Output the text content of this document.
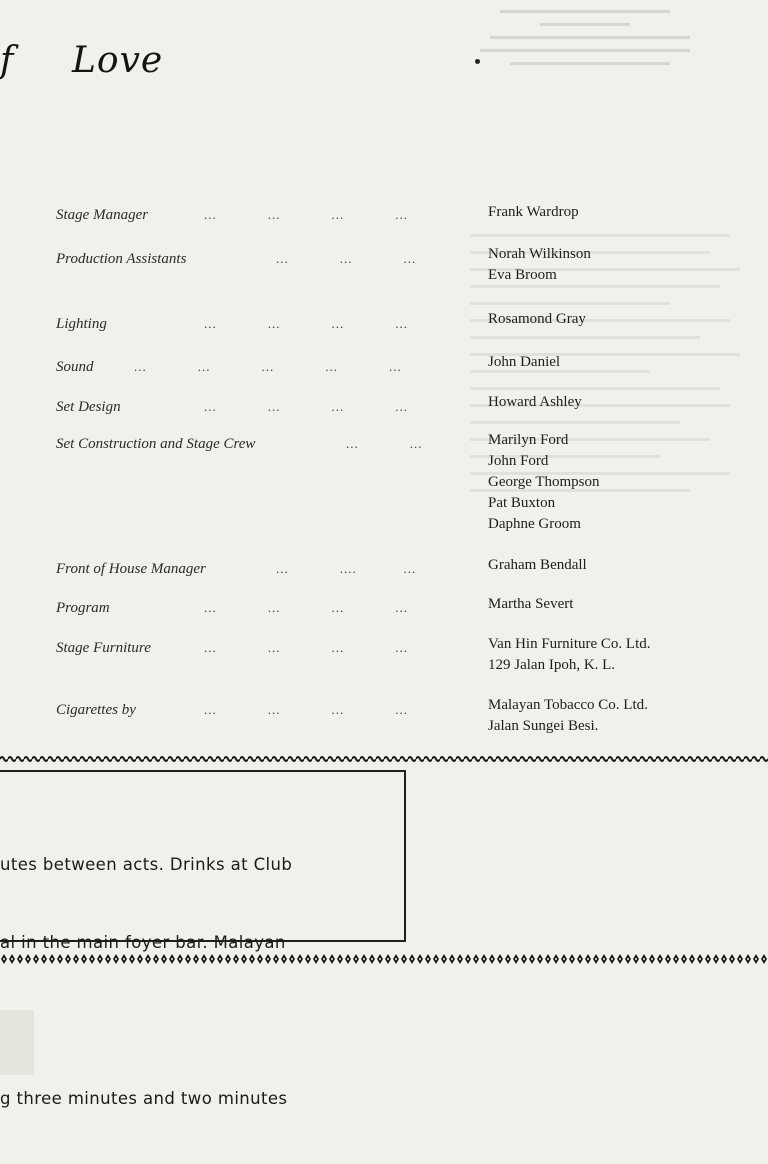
f Love
Stage Manager	...            ...            ...            ...	Frank Wardrop
Production Assistants	...            ...            ...	Norah Wilkinson
Eva Broom
Lighting	...            ...            ...            ...	Rosamond Gray
Sound	...            ...            ...            ...            ...	John Daniel
Set Design	...            ...            ...            ...	Howard Ashley
Set Construction and Stage Crew	...            ...	Marilyn Ford
John Ford
George Thompson
Pat Buxton
Daphne Groom
Front of House Manager	...            ....           ...	Graham Bendall
Program	...            ...            ...            ...	Martha Severt
Stage Furniture	...            ...            ...            ...	Van Hin Furniture Co. Ltd.
129 Jalan Ipoh, K. L.
Cigarettes by	...            ...            ...            ...	Malayan Tobacco Co. Ltd.
Jalan Sungei Besi.

utes between acts. Drinks at Club

al in the main foyer bar. Malayan

g three minutes and two minutes
